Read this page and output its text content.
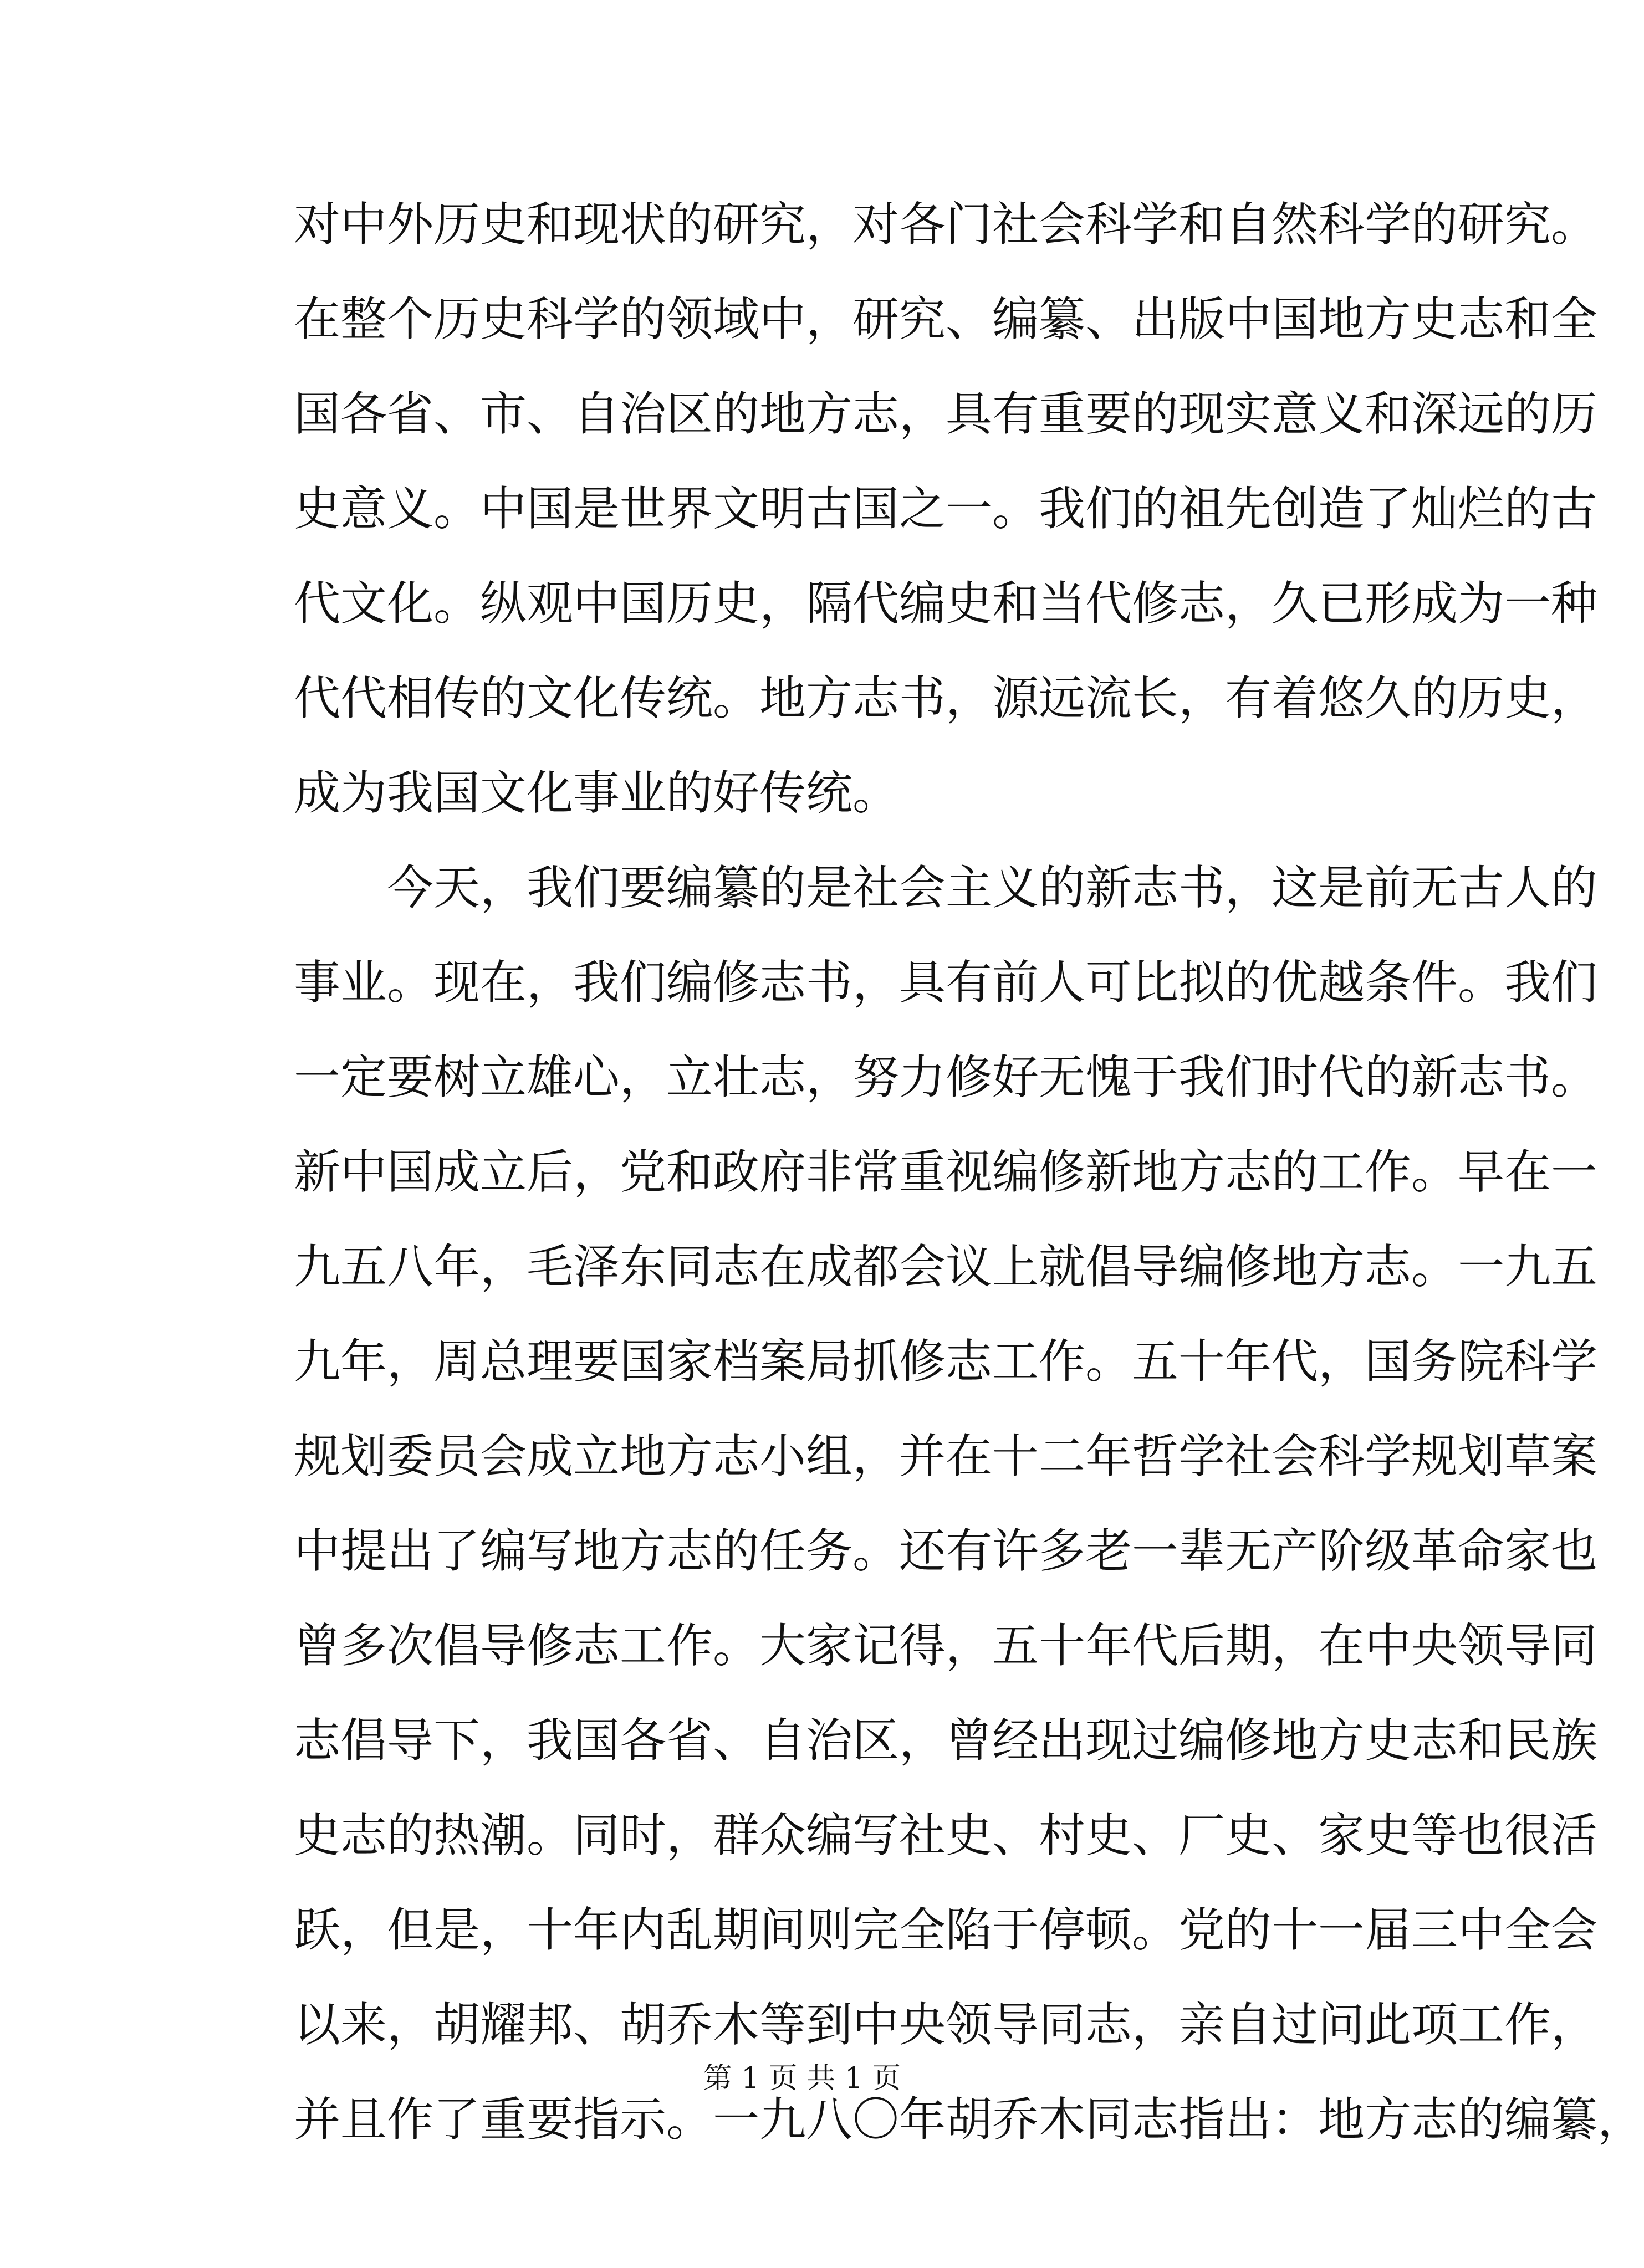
对中外历史和现状的研究，对各门社会科学和自然科学的研究。
在整个历史科学的领域中，研究、编纂、出版中国地方史志和全
国各省、市、自治区的地方志，具有重要的现实意义和深远的历
史意义。中国是世界文明古国之一。我们的祖先创造了灿烂的古
代文化。纵观中国历史，隔代编史和当代修志，久已形成为一种
代代相传的文化传统。地方志书，源远流长，有着悠久的历史，
成为我国文化事业的好传统。
今天，我们要编纂的是社会主义的新志书，这是前无古人的
事业。现在，我们编修志书，具有前人可比拟的优越条件。我们
一定要树立雄心，立壮志，努力修好无愧于我们时代的新志书。
新中国成立后，党和政府非常重视编修新地方志的工作。早在一
九五八年，毛泽东同志在成都会议上就倡导编修地方志。一九五
九年，周总理要国家档案局抓修志工作。五十年代，国务院科学
规划委员会成立地方志小组，并在十二年哲学社会科学规划草案
中提出了编写地方志的任务。还有许多老一辈无产阶级革命家也
曾多次倡导修志工作。大家记得，五十年代后期，在中央领导同
志倡导下，我国各省、自治区，曾经出现过编修地方史志和民族
史志的热潮。同时，群众编写社史、村史、厂史、家史等也很活
跃，但是，十年内乱期间则完全陷于停顿。党的十一届三中全会
以来，胡耀邦、胡乔木等到中央领导同志，亲自过问此项工作，
并且作了重要指示。一九八〇年胡乔木同志指出：地方志的编纂，
第 1 页 共 1 页
